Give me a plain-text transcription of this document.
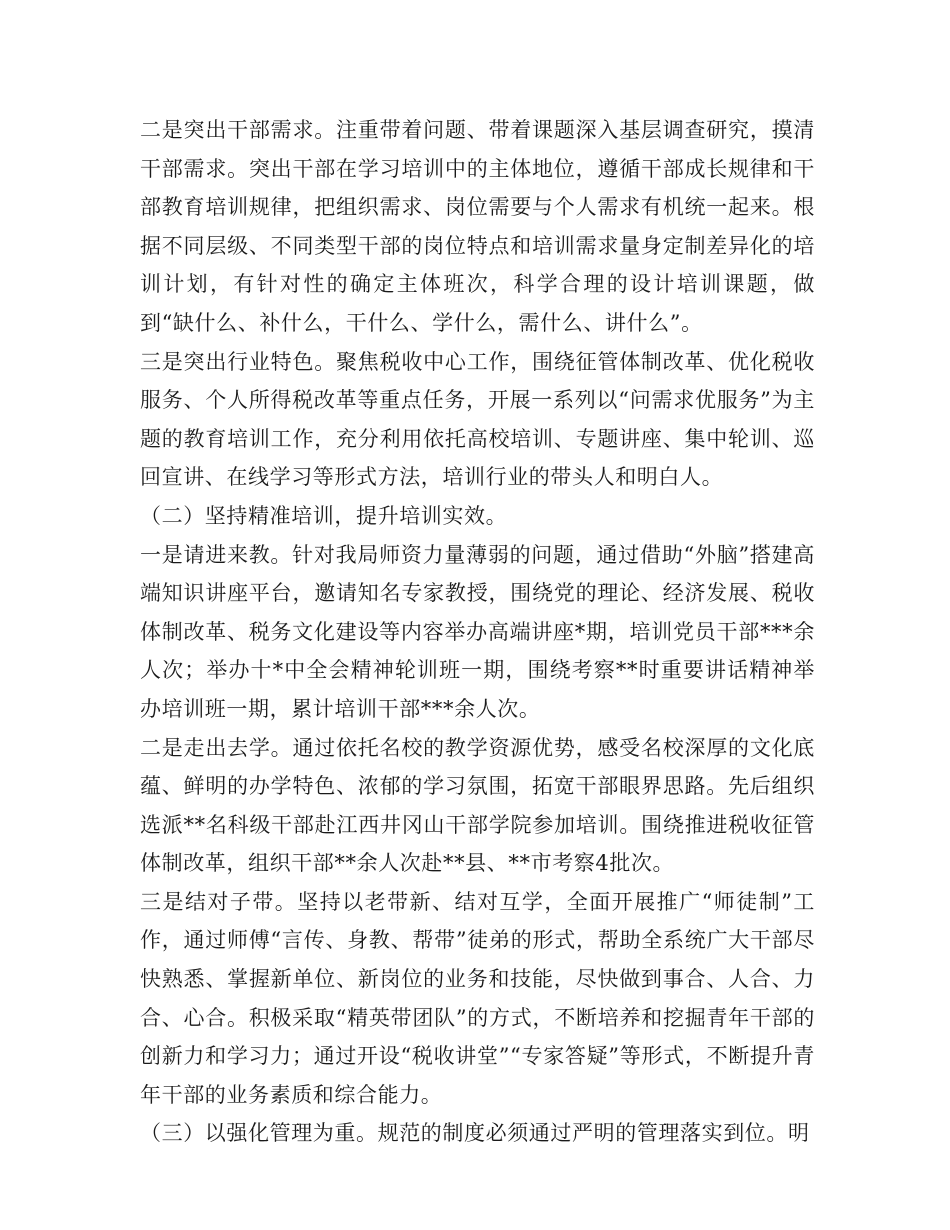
二是突出干部需求。注重带着问题、带着课题深入基层调查研究，摸清干部需求。突出干部在学习培训中的主体地位，遵循干部成长规律和干部教育培训规律，把组织需求、岗位需要与个人需求有机统一起来。根据不同层级、不同类型干部的岗位特点和培训需求量身定制差异化的培训计划，有针对性的确定主体班次，科学合理的设计培训课题，做到“缺什么、补什么，干什么、学什么，需什么、讲什么”。

三是突出行业特色。聚焦税收中心工作，围绕征管体制改革、优化税收服务、个人所得税改革等重点任务，开展一系列以“问需求优服务”为主题的教育培训工作，充分利用依托高校培训、专题讲座、集中轮训、巡回宣讲、在线学习等形式方法，培训行业的带头人和明白人。

（二）坚持精准培训，提升培训实效。

一是请进来教。针对我局师资力量薄弱的问题，通过借助“外脑”搭建高端知识讲座平台，邀请知名专家教授，围绕党的理论、经济发展、税收体制改革、税务文化建设等内容举办高端讲座*期，培训党员干部***余人次；举办十*中全会精神轮训班一期，围绕考察**时重要讲话精神举办培训班一期，累计培训干部***余人次。

二是走出去学。通过依托名校的教学资源优势，感受名校深厚的文化底蕴、鲜明的办学特色、浓郁的学习氛围，拓宽干部眼界思路。先后组织选派**名科级干部赴江西井冈山干部学院参加培训。围绕推进税收征管体制改革，组织干部**余人次赴**县、**市考察4批次。

三是结对子带。坚持以老带新、结对互学，全面开展推广“师徒制”工作，通过师傅“言传、身教、帮带”徒弟的形式，帮助全系统广大干部尽快熟悉、掌握新单位、新岗位的业务和技能，尽快做到事合、人合、力合、心合。积极采取“精英带团队”的方式，不断培养和挖掘青年干部的创新力和学习力；通过开设“税收讲堂”“专家答疑”等形式，不断提升青年干部的业务素质和综合能力。

（三）以强化管理为重。规范的制度必须通过严明的管理落实到位。明
